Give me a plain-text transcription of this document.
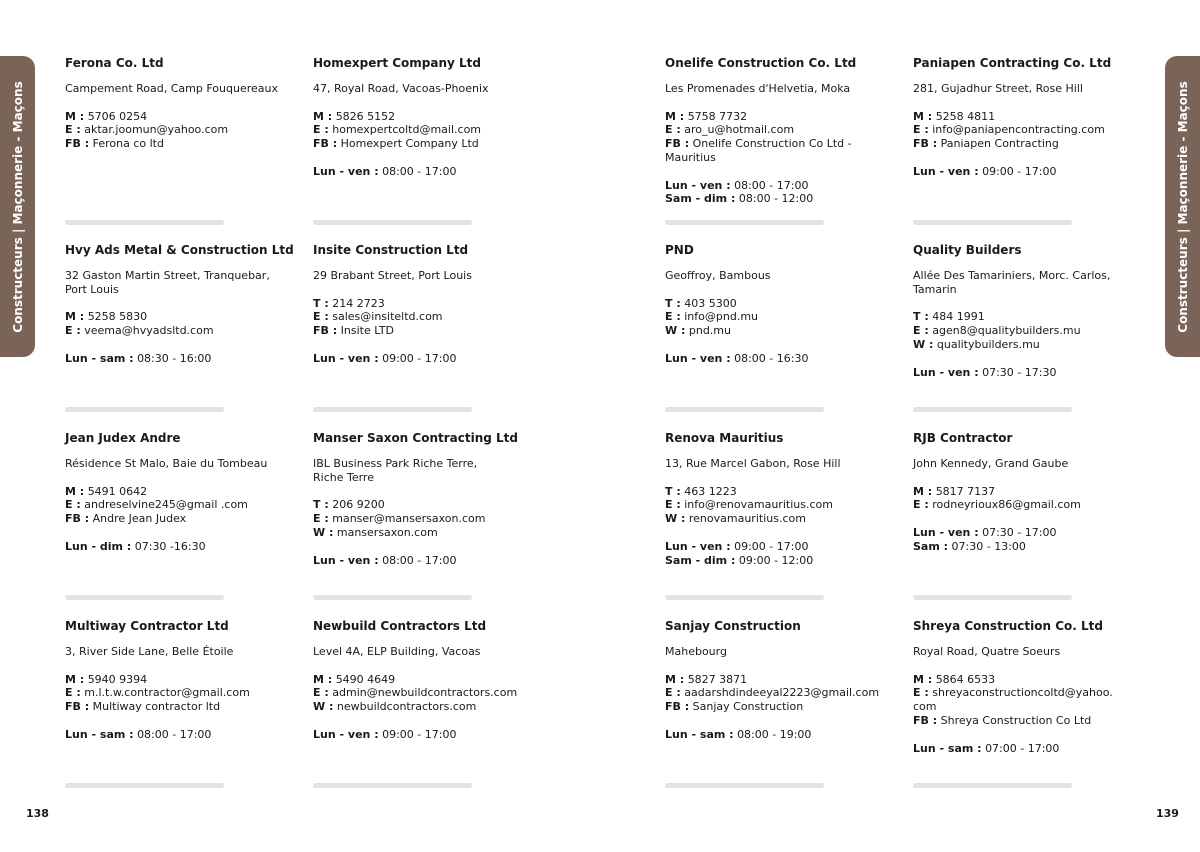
Constructeurs | Maçonnerie - Maçons	Constructeurs | Maçonnerie - Maçons
138	139
Ferona Co. Ltd
Campement Road, Camp Fouquereaux
M : 5706 0254
E : aktar.joomun@yahoo.com
FB : Ferona co ltd
Homexpert Company Ltd
47, Royal Road, Vacoas-Phoenix
M : 5826 5152
E : homexpertcoltd@mail.com
FB : Homexpert Company Ltd
Lun - ven : 08:00 - 17:00
Onelife Construction Co. Ltd
Les Promenades d'Helvetia, Moka
M : 5758 7732
E : aro_u@hotmail.com
FB : Onelife Construction Co Ltd -
Mauritius
Lun - ven : 08:00 - 17:00
Sam - dim : 08:00 - 12:00
Paniapen Contracting Co. Ltd
281, Gujadhur Street, Rose Hill
M : 5258 4811
E : info@paniapencontracting.com
FB : Paniapen Contracting
Lun - ven : 09:00 - 17:00
Hvy Ads Metal & Construction Ltd
32 Gaston Martin Street, Tranquebar,
Port Louis
M : 5258 5830
E : veema@hvyadsltd.com
Lun - sam : 08:30 - 16:00
Insite Construction Ltd
29 Brabant Street, Port Louis
T : 214 2723
E : sales@insiteltd.com
FB : Insite LTD
Lun - ven : 09:00 - 17:00
PND
Geoffroy, Bambous
T : 403 5300
E : info@pnd.mu
W : pnd.mu
Lun - ven : 08:00 - 16:30
Quality Builders
Allée Des Tamariniers, Morc. Carlos,
Tamarin
T : 484 1991
E : agen8@qualitybuilders.mu
W : qualitybuilders.mu
Lun - ven : 07:30 - 17:30
Jean Judex Andre
Résidence St Malo, Baie du Tombeau
M : 5491 0642
E : andreselvine245@gmail .com
FB : Andre Jean Judex
Lun - dim : 07:30 -16:30
Manser Saxon Contracting Ltd
IBL Business Park Riche Terre,
Riche Terre
T : 206 9200
E : manser@mansersaxon.com
W : mansersaxon.com
Lun - ven : 08:00 - 17:00
Renova Mauritius
13, Rue Marcel Gabon, Rose Hill
T : 463 1223
E : info@renovamauritius.com
W : renovamauritius.com
Lun - ven : 09:00 - 17:00
Sam - dim : 09:00 - 12:00
RJB Contractor
John Kennedy, Grand Gaube
M : 5817 7137
E : rodneyrioux86@gmail.com
Lun - ven : 07:30 - 17:00
Sam : 07:30 - 13:00
Multiway Contractor Ltd
3, River Side Lane, Belle Étoile
M : 5940 9394
E : m.l.t.w.contractor@gmail.com
FB : Multiway contractor ltd
Lun - sam : 08:00 - 17:00
Newbuild Contractors Ltd
Level 4A, ELP Building, Vacoas
M : 5490 4649
E : admin@newbuildcontractors.com
W : newbuildcontractors.com
Lun - ven : 09:00 - 17:00
Sanjay Construction
Mahebourg
M : 5827 3871
E : aadarshdindeeyal2223@gmail.com
FB : Sanjay Construction
Lun - sam : 08:00 - 19:00
Shreya Construction Co. Ltd
Royal Road, Quatre Soeurs
M : 5864 6533
E : shreyaconstructioncoltd@yahoo.
com
FB : Shreya Construction Co Ltd
Lun - sam : 07:00 - 17:00
